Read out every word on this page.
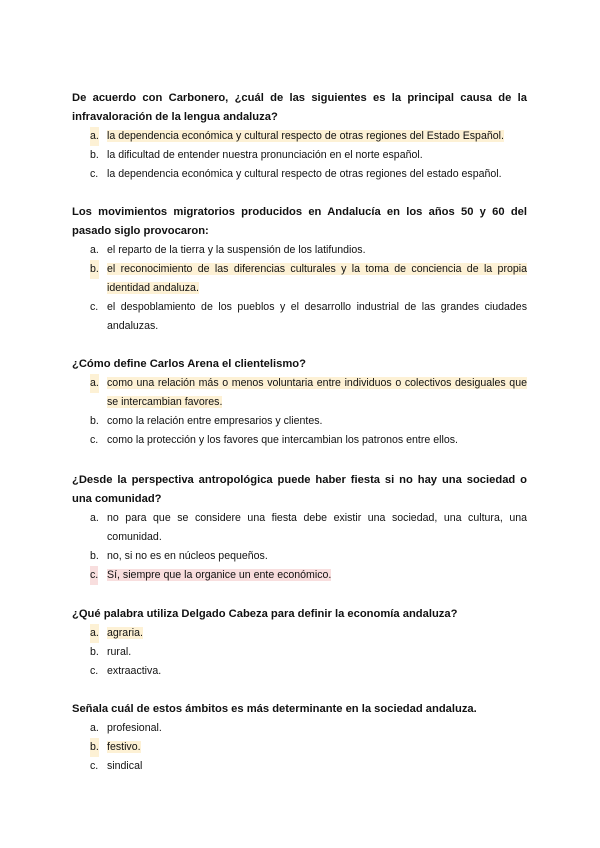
De acuerdo con Carbonero, ¿cuál de las siguientes es la principal causa de la infravaloración de la lengua andaluza?

a. la dependencia económica y cultural respecto de otras regiones del Estado Español.
b. la dificultad de entender nuestra pronunciación en el norte español.
c. la dependencia económica y cultural respecto de otras regiones del estado español.

Los movimientos migratorios producidos en Andalucía en los años 50 y 60 del pasado siglo provocaron:

a. el reparto de la tierra y la suspensión de los latifundios.
b. el reconocimiento de las diferencias culturales y la toma de conciencia de la propia identidad andaluza.
c. el despoblamiento de los pueblos y el desarrollo industrial de las grandes ciudades andaluzas.

¿Cómo define Carlos Arena el clientelismo?

a. como una relación más o menos voluntaria entre individuos o colectivos desiguales que se intercambian favores.
b. como la relación entre empresarios y clientes.
c. como la protección y los favores que intercambian los patronos entre ellos.

¿Desde la perspectiva antropológica puede haber fiesta si no hay una sociedad o una comunidad?

a. no para que se considere una fiesta debe existir una sociedad, una cultura, una comunidad.
b. no, si no es en núcleos pequeños.
c. Sí, siempre que la organice un ente económico.

¿Qué palabra utiliza Delgado Cabeza para definir la economía andaluza?

a. agraria.
b. rural.
c. extraactiva.

Señala cuál de estos ámbitos es más determinante en la sociedad andaluza.

a. profesional.
b. festivo.
c. sindical
